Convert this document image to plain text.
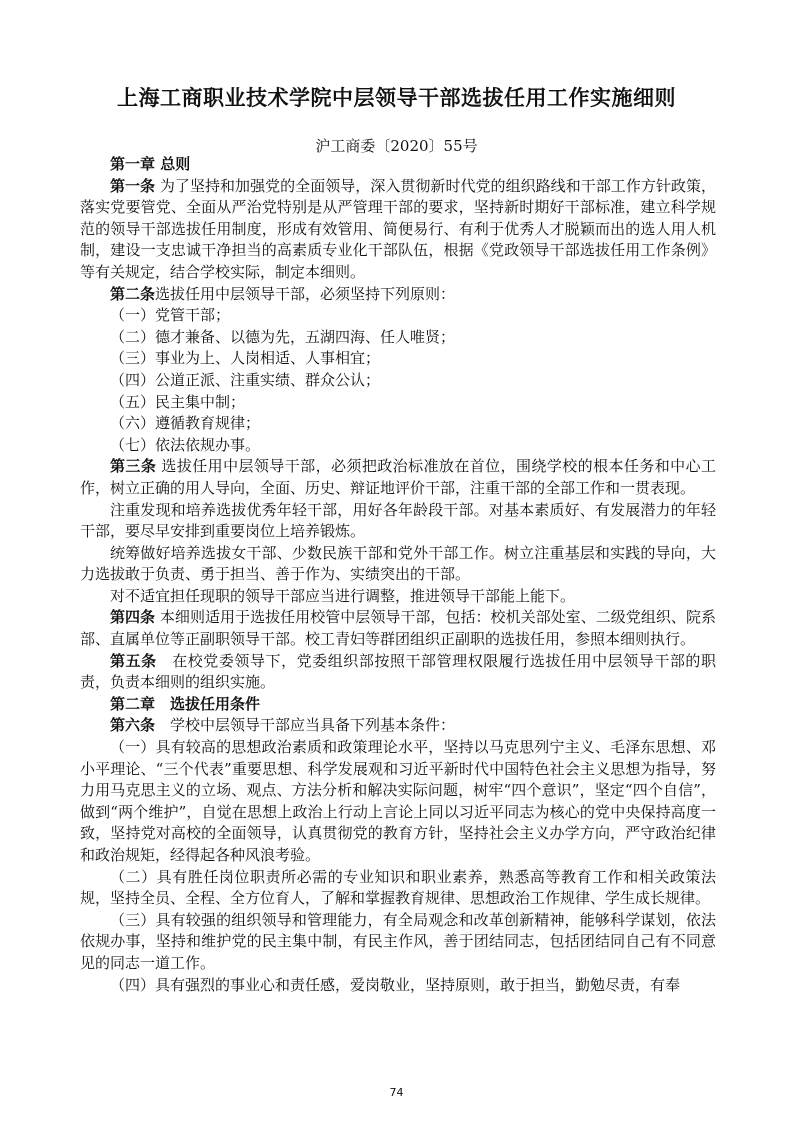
上海工商职业技术学院中层领导干部选拔任用工作实施细则
沪工商委〔2020〕55号

第一章 总则

第一条 为了坚持和加强党的全面领导，深入贯彻新时代党的组织路线和干部工作方针政策，落实党要管党、全面从严治党特别是从严管理干部的要求，坚持新时期好干部标准，建立科学规范的领导干部选拔任用制度，形成有效管用、简便易行、有利于优秀人才脱颖而出的选人用人机制，建设一支忠诚干净担当的高素质专业化干部队伍，根据《党政领导干部选拔任用工作条例》等有关规定，结合学校实际，制定本细则。

第二条选拔任用中层领导干部，必须坚持下列原则：

（一）党管干部；

（二）德才兼备、以德为先，五湖四海、任人唯贤；

（三）事业为上、人岗相适、人事相宜；

（四）公道正派、注重实绩、群众公认；

（五）民主集中制；

（六）遵循教育规律；

（七）依法依规办事。

第三条 选拔任用中层领导干部，必须把政治标准放在首位，围绕学校的根本任务和中心工作，树立正确的用人导向，全面、历史、辩证地评价干部，注重干部的全部工作和一贯表现。

注重发现和培养选拔优秀年轻干部，用好各年龄段干部。对基本素质好、有发展潜力的年轻干部，要尽早安排到重要岗位上培养锻炼。

统筹做好培养选拔女干部、少数民族干部和党外干部工作。树立注重基层和实践的导向，大力选拔敢于负责、勇于担当、善于作为、实绩突出的干部。

对不适宜担任现职的领导干部应当进行调整，推进领导干部能上能下。

第四条 本细则适用于选拔任用校管中层领导干部，包括：校机关部处室、二级党组织、院系部、直属单位等正副职领导干部。校工青妇等群团组织正副职的选拔任用，参照本细则执行。

第五条　在校党委领导下，党委组织部按照干部管理权限履行选拔任用中层领导干部的职责，负责本细则的组织实施。

第二章　选拔任用条件

第六条　学校中层领导干部应当具备下列基本条件：

（一）具有较高的思想政治素质和政策理论水平，坚持以马克思列宁主义、毛泽东思想、邓小平理论、“三个代表”重要思想、科学发展观和习近平新时代中国特色社会主义思想为指导，努力用马克思主义的立场、观点、方法分析和解决实际问题，树牢“四个意识”，坚定“四个自信”，做到“两个维护”，自觉在思想上政治上行动上言论上同以习近平同志为核心的党中央保持高度一致，坚持党对高校的全面领导，认真贯彻党的教育方针，坚持社会主义办学方向，严守政治纪律和政治规矩，经得起各种风浪考验。

（二）具有胜任岗位职责所必需的专业知识和职业素养，熟悉高等教育工作和相关政策法规，坚持全员、全程、全方位育人，了解和掌握教育规律、思想政治工作规律、学生成长规律。

（三）具有较强的组织领导和管理能力，有全局观念和改革创新精神，能够科学谋划，依法依规办事，坚持和维护党的民主集中制，有民主作风，善于团结同志，包括团结同自己有不同意见的同志一道工作。

（四）具有强烈的事业心和责任感，爱岗敬业，坚持原则，敢于担当，勤勉尽责，有奉

74
